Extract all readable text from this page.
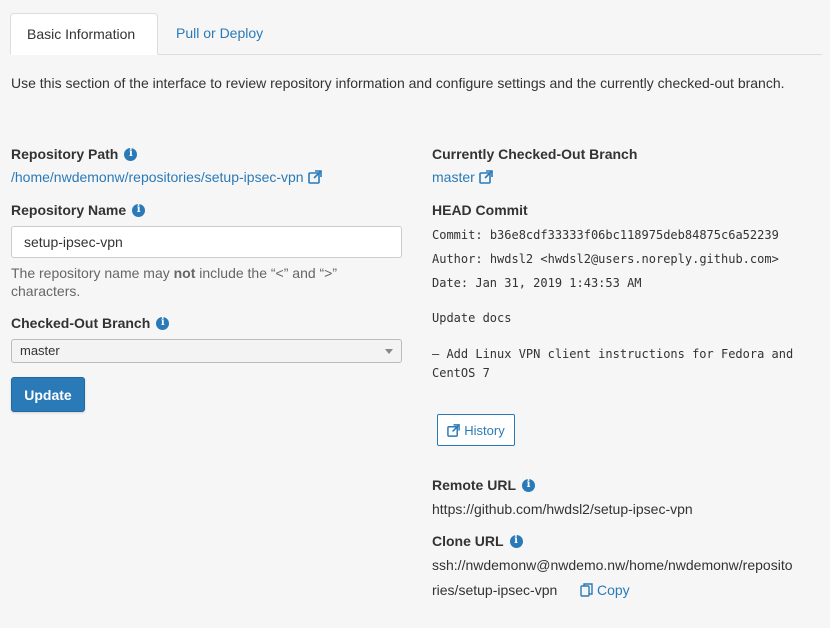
Basic Information	Pull or Deploy
Use this section of the interface to review repository information and configure settings and the currently checked-out branch.
Repository Path	i
/home/nwdemonw/repositories/setup-ipsec-vpn
Repository Name	i
setup-ipsec-vpn
The repository name may not include the “<” and “>” characters.
Checked-Out Branch	i
master
Update
Currently Checked-Out Branch
master
HEAD Commit
Commit: b36e8cdf33333f06bc118975deb84875c6a52239
Author: hwdsl2 <hwdsl2@users.noreply.github.com>
Date: Jan 31, 2019 1:43:53 AM
Update docs
– Add Linux VPN client instructions for Fedora and
CentOS 7
History
Remote URL	i
https://github.com/hwdsl2/setup-ipsec-vpn
Clone URL	i
ssh://nwdemonw@nwdemo.nw/home/nwdemonw/reposito
ries/setup-ipsec-vpn	Copy
